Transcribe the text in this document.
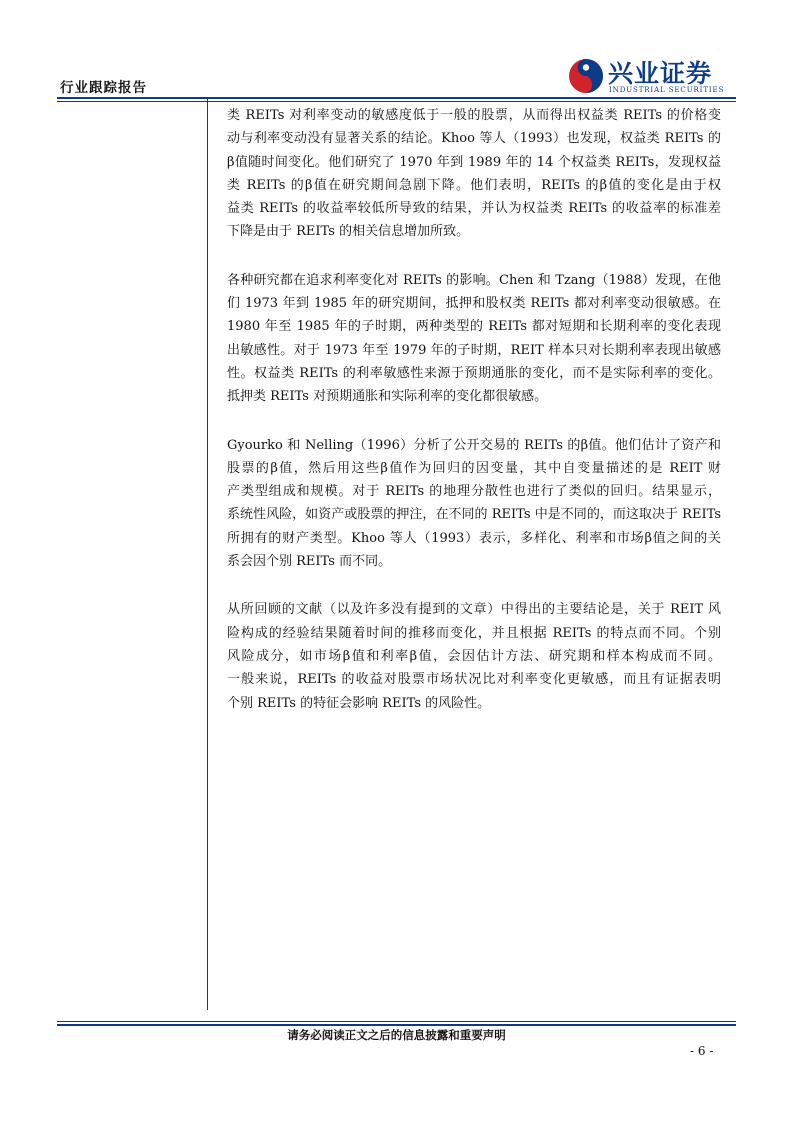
行业跟踪报告	兴业证券
INDUSTRIAL SECURITIES
类 REITs 对利率变动的敏感度低于一般的股票，从而得出权益类 REITs 的价格变
动与利率变动没有显著关系的结论。Khoo 等人（1993）也发现，权益类 REITs 的
β值随时间变化。他们研究了 1970 年到 1989 年的 14 个权益类 REITs，发现权益
类 REITs 的β值在研究期间急剧下降。他们表明，REITs 的β值的变化是由于权
益类 REITs 的收益率较低所导致的结果，并认为权益类 REITs 的收益率的标准差
下降是由于 REITs 的相关信息增加所致。
各种研究都在追求利率变化对 REITs 的影响。Chen 和 Tzang（1988）发现，在他
们 1973 年到 1985 年的研究期间，抵押和股权类 REITs 都对利率变动很敏感。在
1980 年至 1985 年的子时期，两种类型的 REITs 都对短期和长期利率的变化表现
出敏感性。对于 1973 年至 1979 年的子时期，REIT 样本只对长期利率表现出敏感
性。权益类 REITs 的利率敏感性来源于预期通胀的变化，而不是实际利率的变化。
抵押类 REITs 对预期通胀和实际利率的变化都很敏感。
Gyourko 和 Nelling（1996）分析了公开交易的 REITs 的β值。他们估计了资产和
股票的β值，然后用这些β值作为回归的因变量，其中自变量描述的是 REIT 财
产类型组成和规模。对于 REITs 的地理分散性也进行了类似的回归。结果显示，
系统性风险，如资产或股票的押注，在不同的 REITs 中是不同的，而这取决于 REITs
所拥有的财产类型。Khoo 等人（1993）表示，多样化、利率和市场β值之间的关
系会因个别 REITs 而不同。
从所回顾的文献（以及许多没有提到的文章）中得出的主要结论是，关于 REIT 风
险构成的经验结果随着时间的推移而变化，并且根据 REITs 的特点而不同。个别
风险成分，如市场β值和利率β值，会因估计方法、研究期和样本构成而不同。
一般来说，REITs 的收益对股票市场状况比对利率变化更敏感，而且有证据表明
个别 REITs 的特征会影响 REITs 的风险性。
请务必阅读正文之后的信息披露和重要声明
- 6 -
